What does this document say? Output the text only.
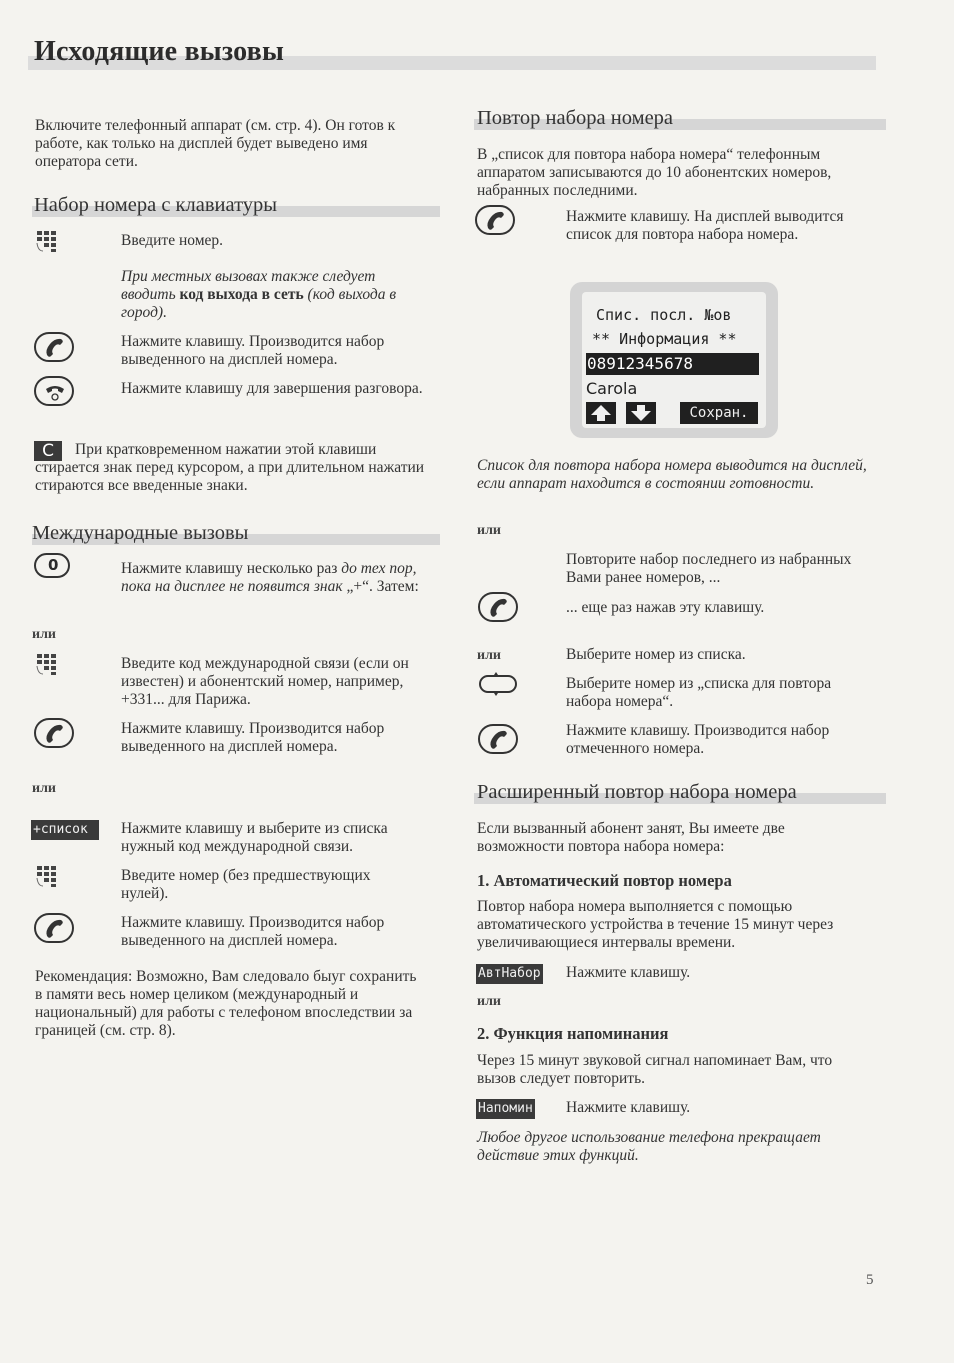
Исходящие вызовы
Включите телефонный аппарат (см. стр. 4). Он готов к работе, как только на дисплей будет выведено имя оператора сети.
Набор номера с клавиатуры
Введите номер.
При местных вызовах также следует вводить код выхода в сеть (код выхода в город).
Нажмите клавишу. Производится набор выведенного на дисплей номера.
Нажмите клавишу для завершения разговора.
C	При кратковременном нажатии этой клавиши стирается знак перед курсором, а при длительном нажатии стираются все введенные знаки.
Международные вызовы
0	Нажмите клавишу несколько раз до тех пор, пока на дисплее не появится знак „+“. Затем:
или
Введите код международной связи (если он известен) и абонентский номер, например, +331... для Парижа.
Нажмите клавишу. Производится набор выведенного на дисплей номера.
или
+список	Нажмите клавишу и выберите из списка нужный код международной связи.
Введите номер (без предшествующих нулей).
Нажмите клавишу. Производится набор выведенного на дисплей номера.
Рекомендация: Возможно, Вам следовало быуг сохранить в памяти весь номер целиком (международный и национальный) для работы с телефоном впоследствии за границей (см. стр. 8).
Повтор набора номера
В „список для повтора набора номера“ телефонным аппаратом записываются до 10 абонентских номеров, набранных последними.
Нажмите клавишу. На дисплей выводится список для повтора набора номера.
Спис. посл. №ов
** Информация **
08912345678
Carola
Сохран.
Список для повтора набора номера выводится на дисплей, если аппарат находится в состоянии готовности.
или
Повторите набор последнего из набранных Вами ранее номеров, ...
... еще раз нажав эту клавишу.
или	Выберите номер из списка.
Выберите номер из „списка для повтора набора номера“.
Нажмите клавишу. Производится набор отмеченного номера.
Расширенный повтор набора номера
Если вызванный абонент занят, Вы имеете две возможности повтора набора номера:
1. Автоматический повтор номера
Повтор набора номера выполняется с помощью автоматического устройства в течение 15 минут через увеличивающиеся интервалы времени.
АвтНабор Нажмите клавишу.
или
2. Функция напоминания
Через 15 минут звуковой сигнал напоминает Вам, что вызов следует повторить.
Напомин Нажмите клавишу.
Любое другое использование телефона прекращает действие этих функций.
5
